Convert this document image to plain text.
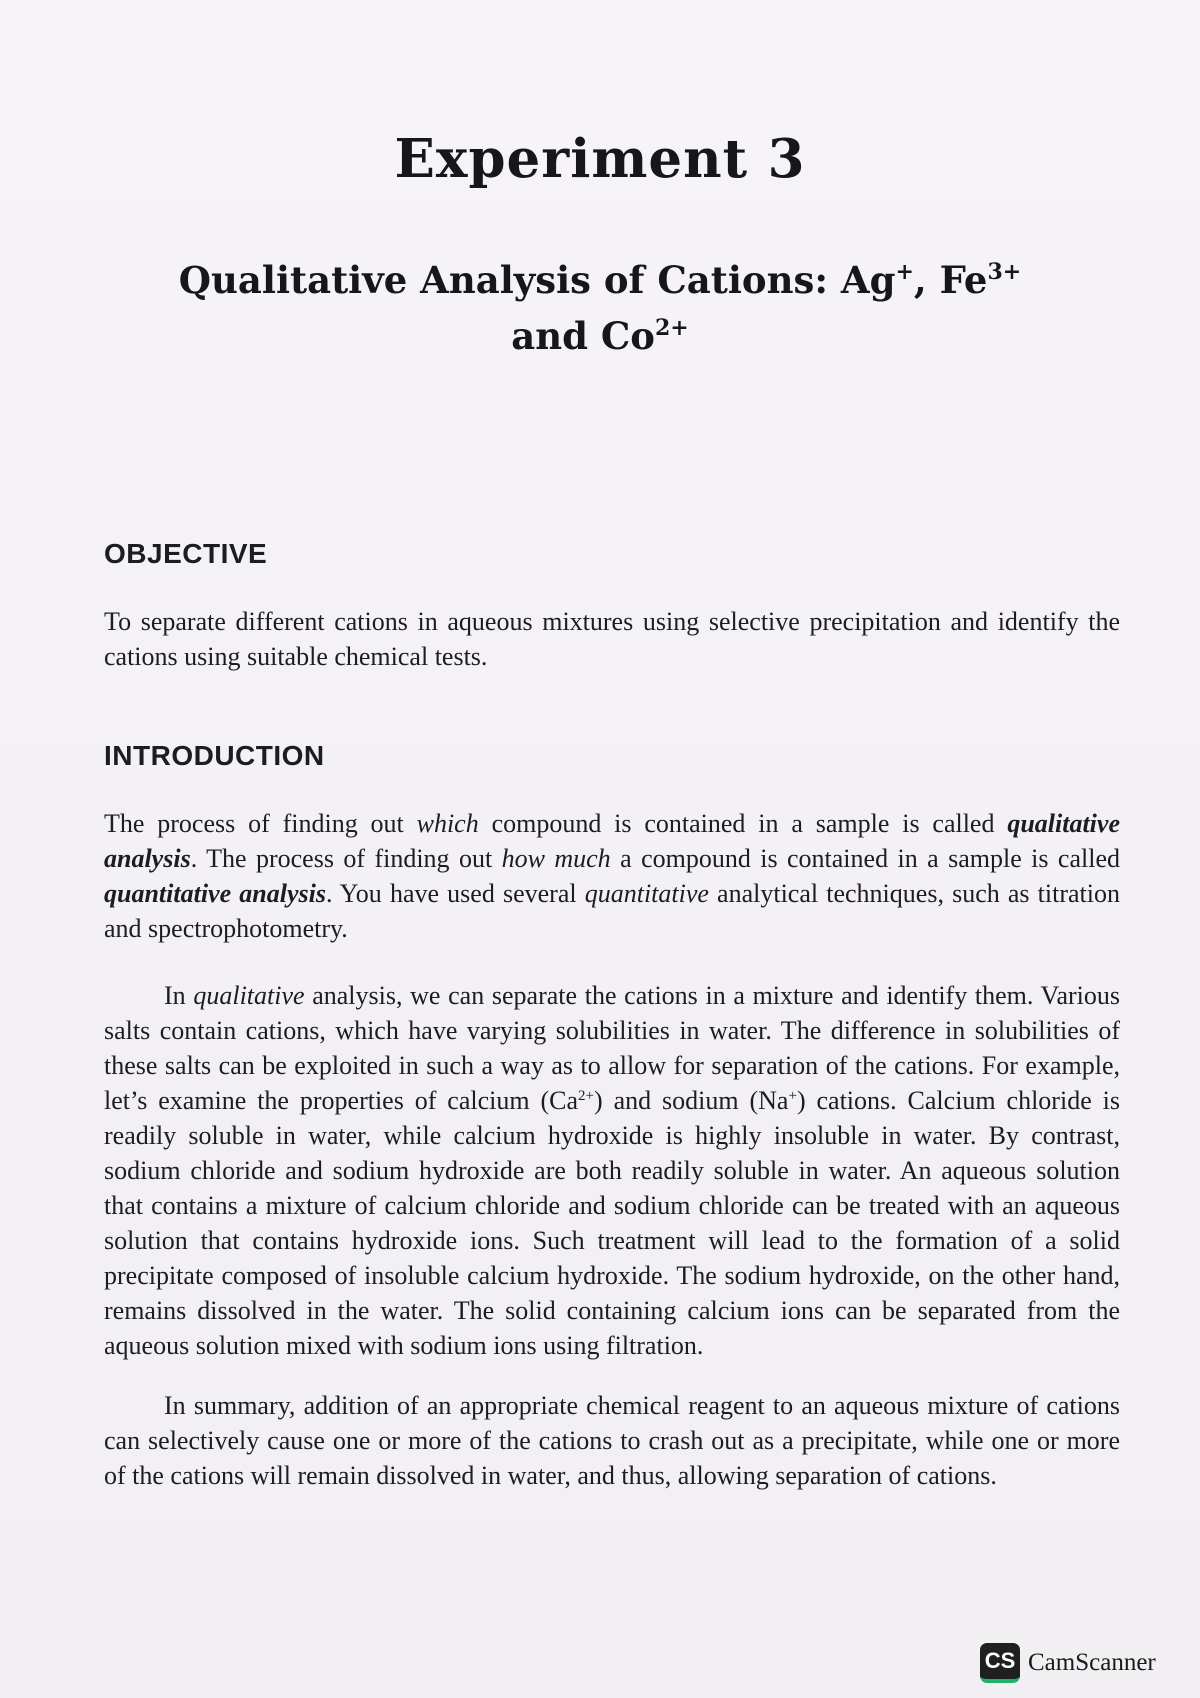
Experiment 3
Qualitative Analysis of Cations: Ag+, $Fe^{3+}$
and $Co^{2+}$
OBJECTIVE
To separate different cations in aqueous mixtures using selective precipitation and identify the cations using suitable chemical tests.
INTRODUCTION
The process of finding out which compound is contained in a sample is called qualitative analysis. The process of finding out how much a compound is contained in a sample is called quantitative analysis. You have used several quantitative analytical techniques, such as titration and spectrophotometry.
In qualitative analysis, we can separate the cations in a mixture and identify them. Various salts contain cations, which have varying solubilities in water. The difference in solubilities of these salts can be exploited in such a way as to allow for separation of the cations. For example, let’s examine the properties of calcium $(Ca^{2+})$ and sodium (Na+) cations. Calcium chloride is readily soluble in water, while calcium hydroxide is highly insoluble in water. By contrast, sodium chloride and sodium hydroxide are both readily soluble in water. An aqueous solution that contains a mixture of calcium chloride and sodium chloride can be treated with an aqueous solution that contains hydroxide ions. Such treatment will lead to the formation of a solid precipitate composed of insoluble calcium hydroxide. The sodium hydroxide, on the other hand, remains dissolved in the water. The solid containing calcium ions can be separated from the aqueous solution mixed with sodium ions using filtration.
In summary, addition of an appropriate chemical reagent to an aqueous mixture of cations can selectively cause one or more of the cations to crash out as a precipitate, while one or more of the cations will remain dissolved in water, and thus, allowing separation of cations.
CS CamScanner
